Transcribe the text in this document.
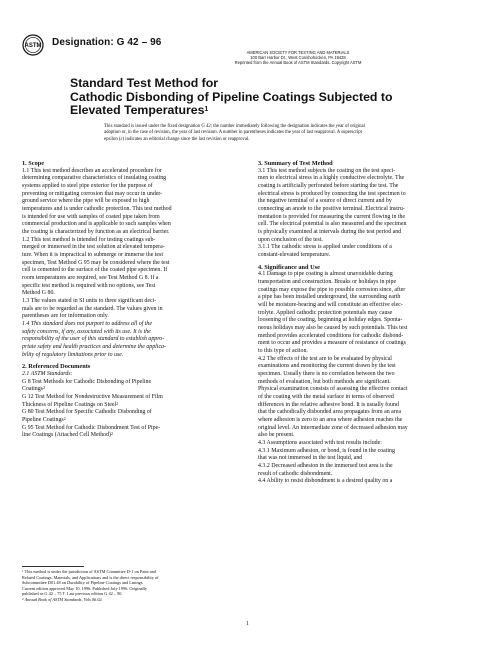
ASTM Designation: G 42 – 96
AMERICAN SOCIETY FOR TESTING AND MATERIALS
100 Barr Harbor Dr., West Conshohocken, PA 19428
Reprinted from the Annual Book of ASTM Standards. Copyright ASTM
Standard Test Method for
Cathodic Disbonding of Pipeline Coatings Subjected to
Elevated Temperatures$^1$
This standard is issued under the fixed designation G 42; the number immediately following the designation indicates the year of original
adoption or, in the case of revision, the year of last revision. A number in parentheses indicates the year of last reapproval. A superscript
epsilon (ε) indicates an editorial change since the last revision or reapproval.
1. Scope
1.1 This test method describes an accelerated procedure for
determining comparative characteristics of insulating coating
systems applied to steel pipe exterior for the purpose of
preventing or mitigating corrosion that may occur in under-
ground service where the pipe will be exposed to high
temperatures and is under cathodic protection. This test method
is intended for use with samples of coated pipe taken from
commercial production and is applicable to such samples when
the coating is characterized by function as an electrical barrier.
1.2 This test method is intended for testing coatings sub-
merged or immersed in the test solution at elevated tempera-
ture. When it is impractical to submerge or immerse the test
specimen, Test Method G 95 may be considered where the test
cell is cemented to the surface of the coated pipe specimen. If
room temperatures are required, see Test Method G 8. If a
specific test method is required with no options, see Test
Method G 80.
1.3 The values stated in SI units to three significant deci-
mals are to be regarded as the standard. The values given in
parentheses are for information only.
1.4 This standard does not purport to address all of the
safety concerns, if any, associated with its use. It is the
responsibility of the user of this standard to establish appro-
priate safety and health practices and determine the applica-
bility of regulatory limitations prior to use.
2. Referenced Documents
2.1 ASTM Standards:
G 8 Test Methods for Cathodic Disbonding of Pipeline
Coatings$^2$
G 12 Test Method for Nondestructive Measurement of Film
Thickness of Pipeline Coatings on Steel$^2$
G 80 Test Method for Specific Cathodic Disbonding of
Pipeline Coatings$^2$
G 95 Test Method for Cathodic Disbondment Test of Pipe-
line Coatings (Attached Cell Method)$^2$
3. Summary of Test Method
3.1 This test method subjects the coating on the test speci-
men to electrical stress in a highly conductive electrolyte. The
coating is artificially perforated before starting the test. The
electrical stress is produced by connecting the test specimen to
the negative terminal of a source of direct current and by
connecting an anode to the positive terminal. Electrical instru-
mentation is provided for measuring the current flowing in the
cell. The electrical potential is also measured and the specimen
is physically examined at intervals during the test period and
upon conclusion of the test.
3.1.1 The cathodic stress is applied under conditions of a
constant-elevated temperature.
4. Significance and Use
4.1 Damage to pipe coating is almost unavoidable during
transportation and construction. Breaks or holidays in pipe
coatings may expose the pipe to possible corrosion since, after
a pipe has been installed underground, the surrounding earth
will be moisture-bearing and will constitute an effective elec-
trolyte. Applied cathodic protection potentials may cause
loosening of the coating, beginning at holiday edges. Sponta-
neous holidays may also be caused by such potentials. This test
method provides accelerated conditions for cathodic disbond-
ment to occur and provides a measure of resistance of coatings
to this type of action.
4.2 The effects of the test are to be evaluated by physical
examinations and monitoring the current drawn by the test
specimen. Usually there is no correlation between the two
methods of evaluation, but both methods are significant.
Physical examination consists of assessing the effective contact
of the coating with the metal surface in terms of observed
differences in the relative adhesive bond. It is usually found
that the cathodically disbonded area propagates from an area
where adhesion is zero to an area where adhesion reaches the
original level. An intermediate zone of decreased adhesion may
also be present.
4.3 Assumptions associated with test results include:
4.3.1 Maximum adhesion, or bond, is found in the coating
that was not immersed in the test liquid, and
4.3.2 Decreased adhesion in the immersed test area is the
result of cathodic disbondment.
4.4 Ability to resist disbondment is a desired quality on a
$^1$ This method is under the jurisdiction of ASTM Committee D-1 on Paint and
Related Coatings, Materials, and Applications and is the direct responsibility of
Subcommittee D01.48 on Durability of Pipeline Coatings and Linings.
Current edition approved May 10, 1996. Published July 1996. Originally
published as G 42 – 75 T. Last previous edition G 42 – 90.
$^2$ Annual Book of ASTM Standards, Vols 06.02.
1
